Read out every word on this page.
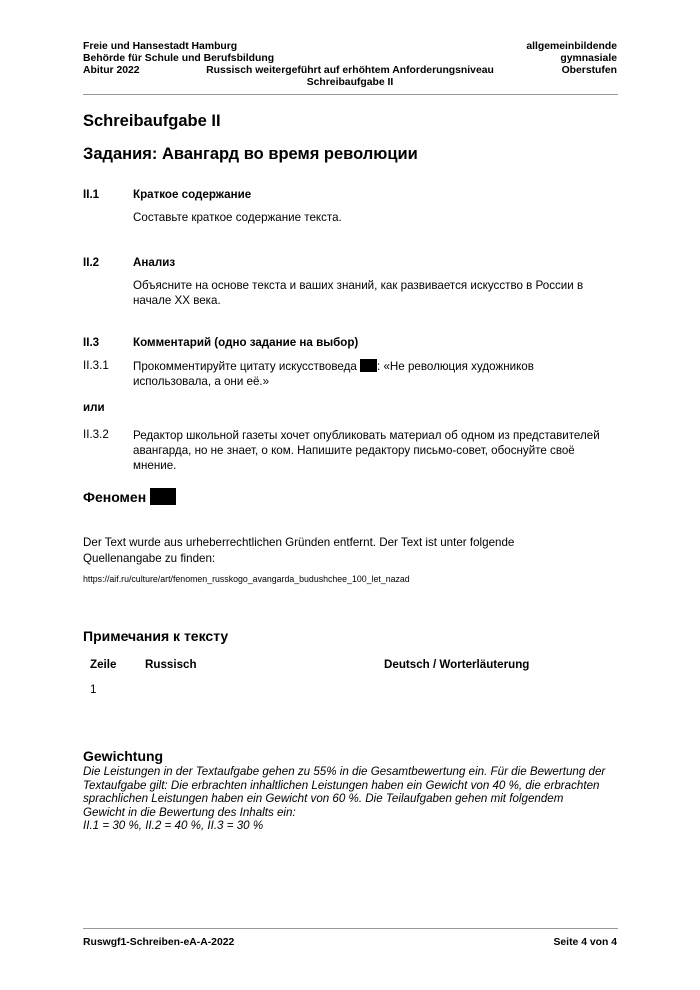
Freie und Hansestadt Hamburg
Behörde für Schule und Berufsbildung
Abitur 2022	Russisch weitergeführt auf erhöhtem Anforderungsniveau
Schreibaufgabe II
allgemeinbildende
gymnasiale
Oberstufen
Schreibaufgabe II
Задания: Авангард во время революции
II.1	Краткое содержание
Составьте краткое содержание текста.
II.2	Анализ
Объясните на основе текста и ваших знаний, как развивается искусство в России в
начале XX века.
II.3	Комментарий (одно задание на выбор)
II.3.1 Прокомментируйте цитату искусствоведа : «Не революция художников
использовала, а они её.»
или
II.3.2 Редактор школьной газеты хочет опубликовать материал об одном из представителей
авангарда, но не знает, о ком. Напишите редактору письмо-совет, обоснуйте своё
мнение.
Феномен
Der Text wurde aus urheberrechtlichen Gründen entfernt. Der Text ist unter folgende
Quellenangabe zu finden:
https://aif.ru/culture/art/fenomen_russkogo_avangarda_budushchee_100_let_nazad
Примечания к тексту
Zeile Russisch	Deutsch / Worterläuterung
1
Gewichtung
Die Leistungen in der Textaufgabe gehen zu 55% in die Gesamtbewertung ein. Für die Bewertung der
Textaufgabe gilt: Die erbrachten inhaltlichen Leistungen haben ein Gewicht von 40 %, die erbrachten
sprachlichen Leistungen haben ein Gewicht von 60 %. Die Teilaufgaben gehen mit folgendem
Gewicht in die Bewertung des Inhalts ein:
II.1 = 30 %, II.2 = 40 %, II.3 = 30 %
Ruswgf1-Schreiben-eA-A-2022	Seite 4 von 4
